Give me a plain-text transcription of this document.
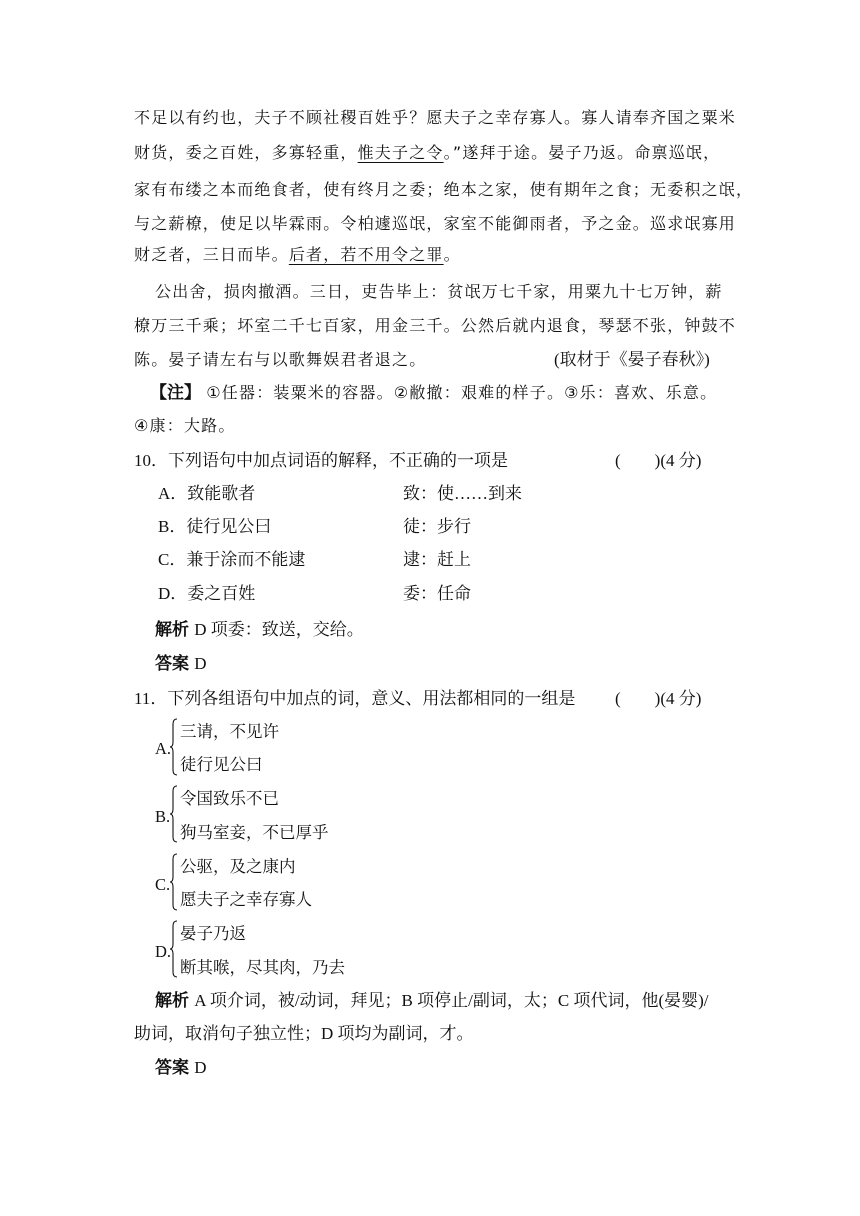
不足以有约也，夫子不顾社稷百姓乎？愿夫子之幸存寡人。寡人请奉齐国之粟米
财货，委之百姓，多寡轻重，惟夫子之令。”遂拜于途。晏子乃返。命禀巡氓，
家有布缕之本而绝食者，使有终月之委；绝本之家，使有期年之食；无委积之氓，
与之薪橑，使足以毕霖雨。令柏遽巡氓，家室不能御雨者，予之金。巡求氓寡用
财乏者，三日而毕。后者，若不用令之罪。
公出舍，损肉撤酒。三日，吏告毕上：贫氓万七千家，用粟九十七万钟，薪
橑万三千乘；坏室二千七百家，用金三千。公然后就内退食，琴瑟不张，钟鼓不
陈。晏子请左右与以歌舞娱君者退之。	(取材于《晏子春秋》)
【注】 ①任器：装粟米的容器。②敝撤：艰难的样子。③乐：喜欢、乐意。
④康：大路。
10．下列语句中加点词语的解释，不正确的一项是	(　　)(4 分)
A．致能歌者	致：使……到来
B．徒行见公曰	徒：步行
C．兼于涂而不能逮	逮：赶上
D．委之百姓	委：任命
解析 D 项委：致送，交给。
答案 D
11．下列各组语句中加点的词，意义、用法都相同的一组是 (　　)(4 分)
A.
三请，不见许
徒行见公曰
B.
令国致乐不已
狗马室妾，不已厚乎
C.
公驱，及之康内
愿夫子之幸存寡人
D.
晏子乃返
断其喉，尽其肉，乃去
解析 A 项介词，被/动词，拜见；B 项停止/副词，太；C 项代词，他(晏婴)/
助词，取消句子独立性；D 项均为副词，才。
答案 D
